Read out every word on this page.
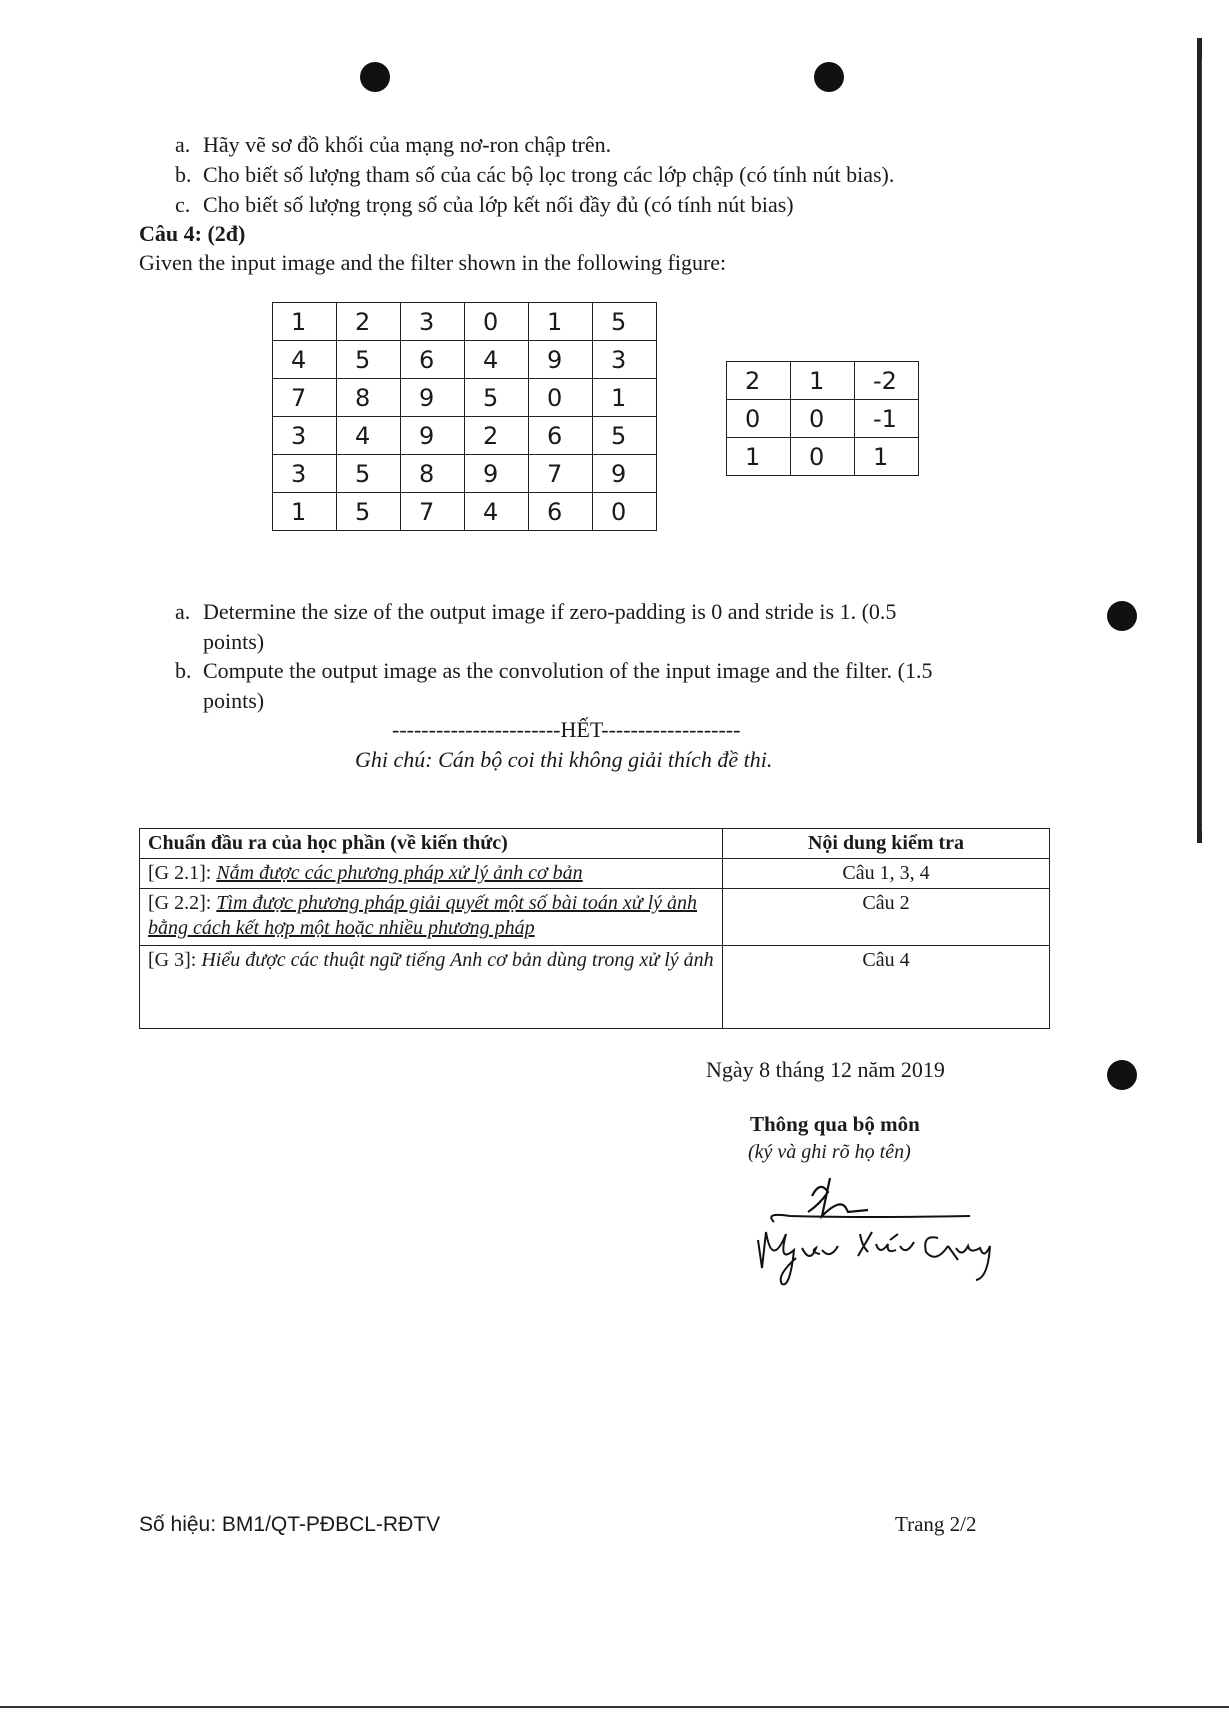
a. Hãy vẽ sơ đồ khối của mạng nơ-ron chập trên.
b. Cho biết số lượng tham số của các bộ lọc trong các lớp chập (có tính nút bias).
c. Cho biết số lượng trọng số của lớp kết nối đầy đủ (có tính nút bias)
Câu 4: (2đ)
Given the input image and the filter shown in the following figure:
1	2	3	0	1	5
4	5	6	4	9	3
7	8	9	5	0	1
3	4	9	2	6	5
3	5	8	9	7	9
1	5	7	4	6	0
2	1	-2
0	0	-1
1	0	1
a. Determine the size of the output image if zero-padding is 0 and stride is 1. (0.5
points)
b. Compute the output image as the convolution of the input image and the filter. (1.5
points)
-----------------------HẾT-------------------
Ghi chú: Cán bộ coi thi không giải thích đề thi.
Chuẩn đầu ra của học phần (về kiến thức)	Nội dung kiểm tra
[G 2.1]: Nắm được các phương pháp xử lý ảnh cơ bản	Câu 1, 3, 4
[G 2.2]: Tìm được phương pháp giải quyết một số bài toán xử lý ảnh bằng cách kết hợp một hoặc nhiều phương pháp	Câu 2
[G 3]: Hiểu được các thuật ngữ tiếng Anh cơ bản dùng trong xử lý ảnh	Câu 4
Ngày 8 tháng 12 năm 2019
Thông qua bộ môn
(ký và ghi rõ họ tên)
Số hiệu: BM1/QT-PĐBCL-RĐTV	Trang 2/2
